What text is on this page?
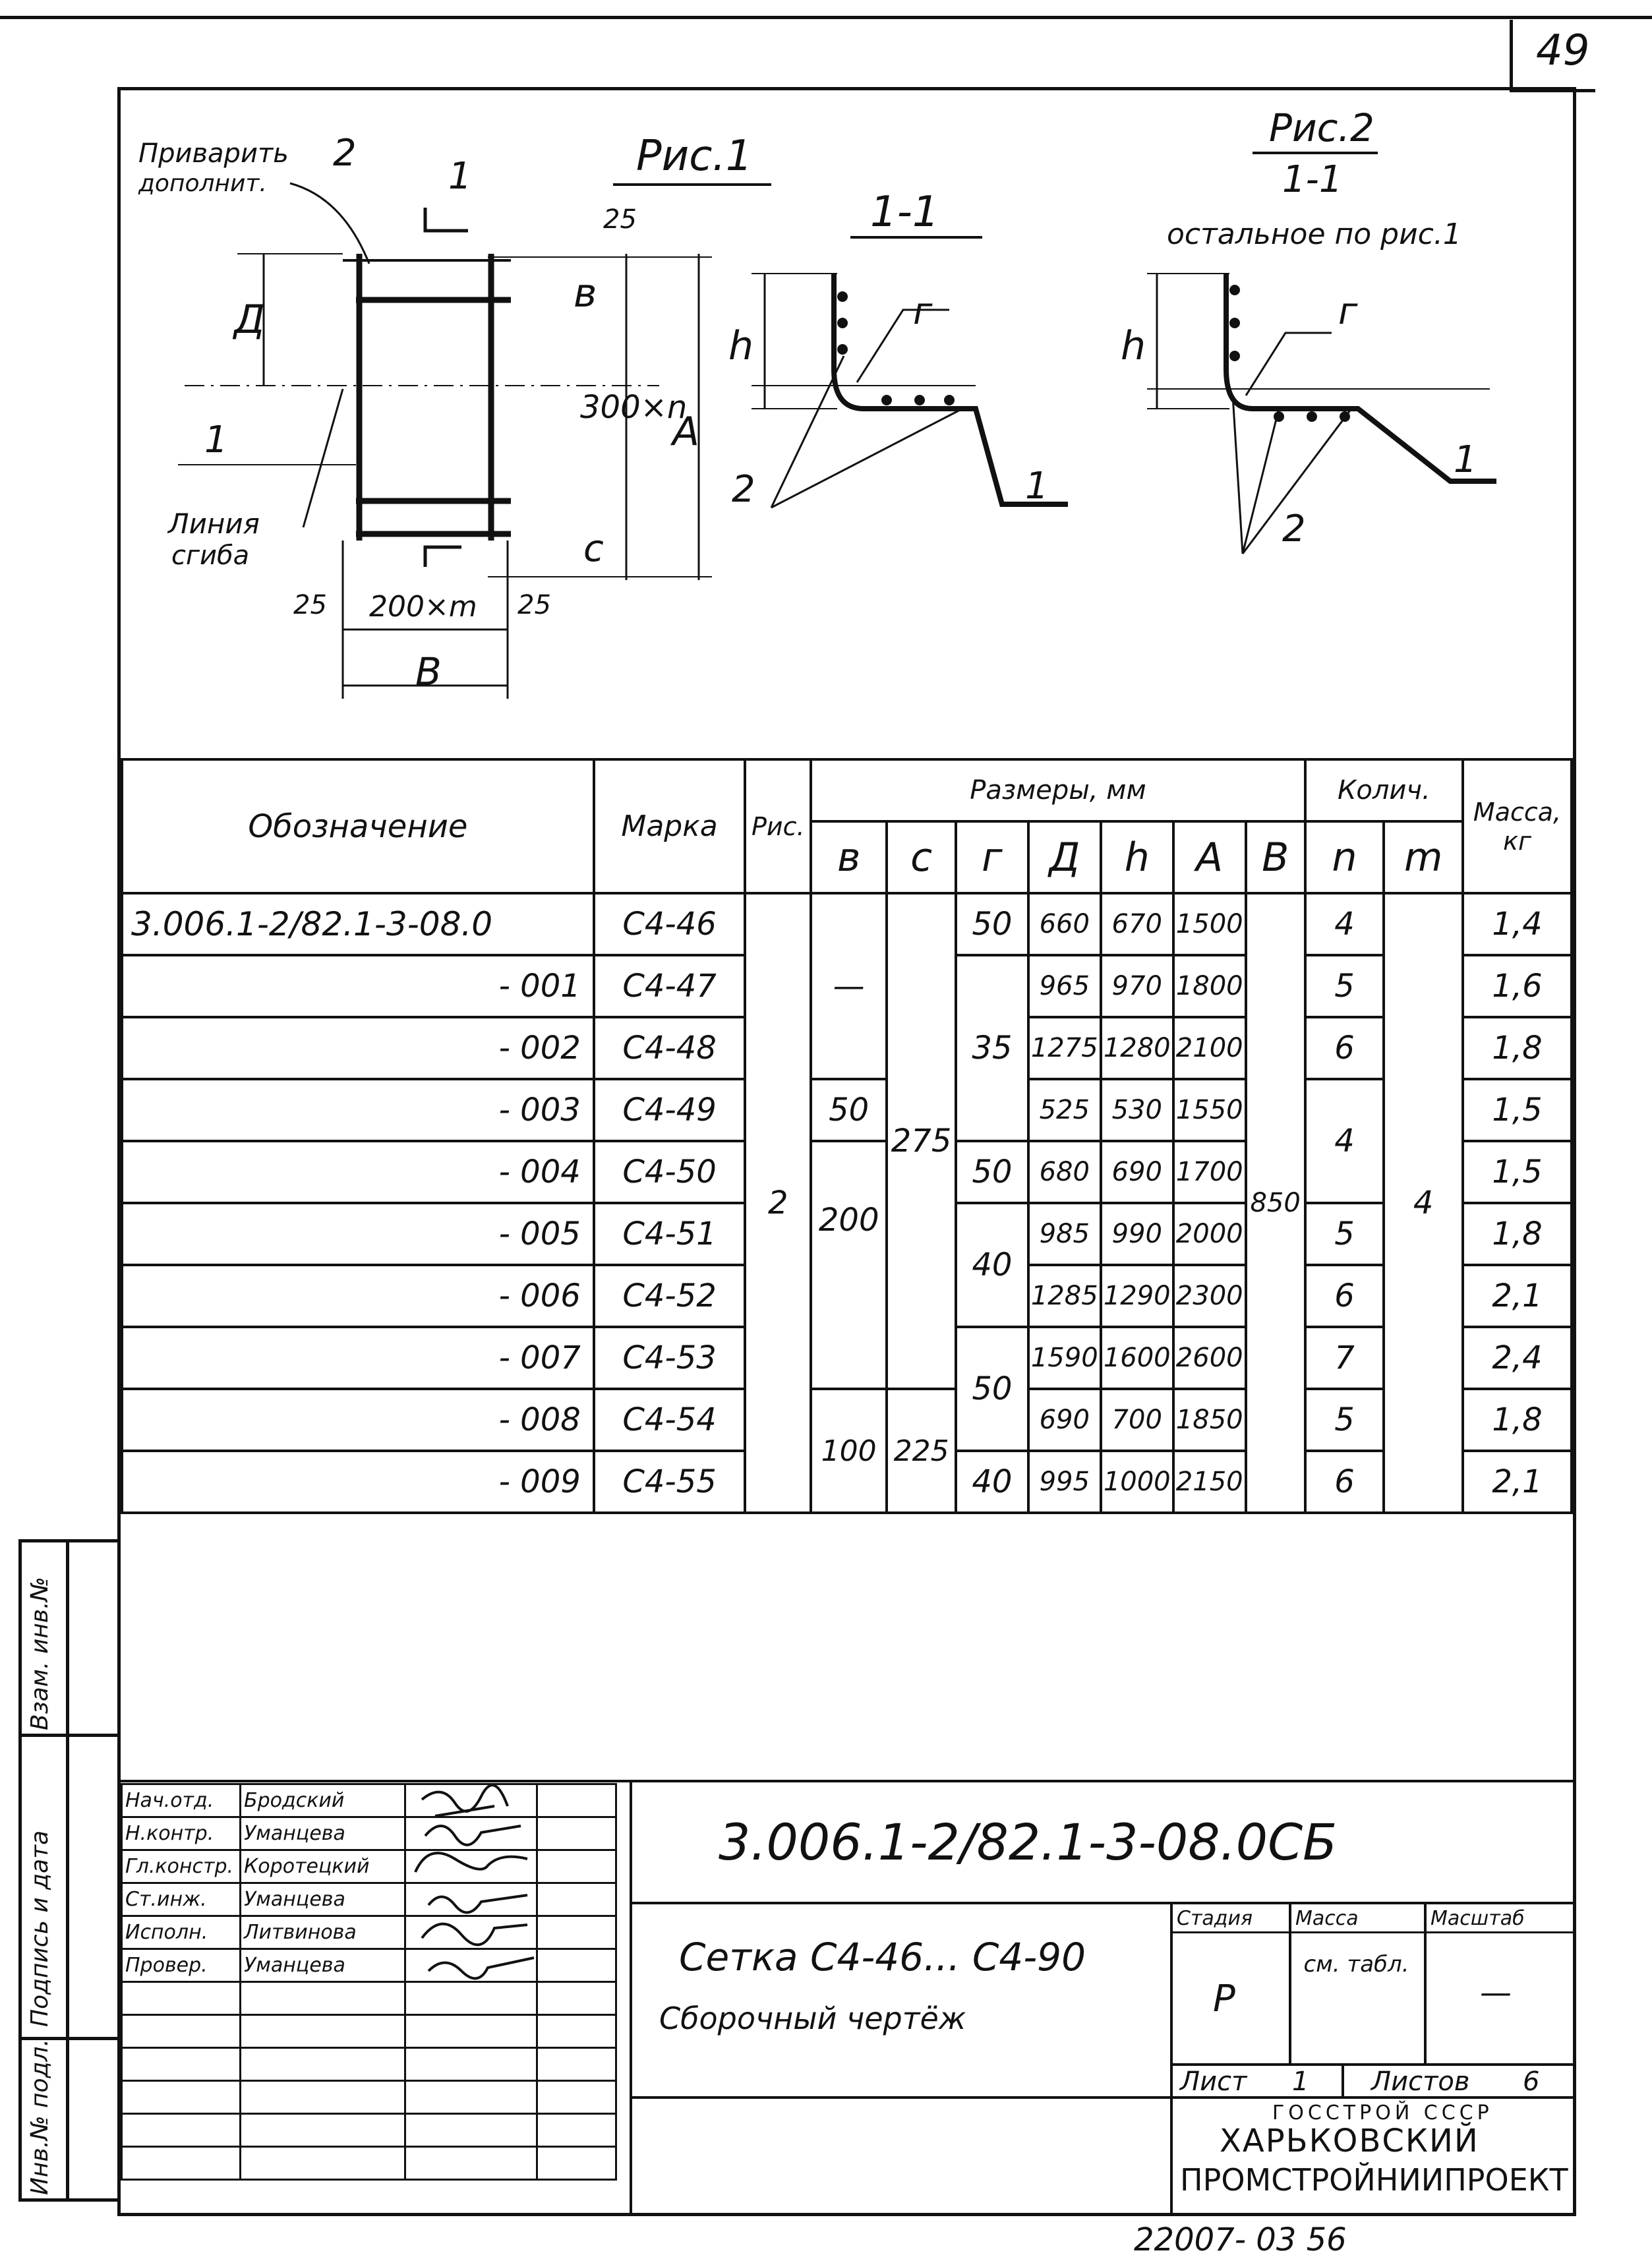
49
Взам. инв.№
Подпись и дата
Инв.№ подл.
Приварить
дополнит.
2
1	Рис.1
1-1
Рис.2
1-1
остальное по рис.1
25
в
300×n
А
Д
с
1
Линия
сгиба
25 200×m 25
В
h
г
2	1
h
г
1
2
Обозначение	Марка	Рис.	Размеры, мм							Колич.		Масса, кг
			в	с	г	Д	h	А	В	n	m	
3.006.1-2/82.1-3-08.0	С4-46	2	—	275	50	660	670	1500	850	4	4	1,4
- 001	С4-47				35	965	970	1800		5		1,6
- 002	С4-48					1275	1280	2100		6		1,8
- 003	С4-49		50			525	530	1550		4		1,5
- 004	С4-50		200		50	680	690	1700				1,5
- 005	С4-51				40	985	990	2000		5		1,8
- 006	С4-52					1285	1290	2300		6		2,1
- 007	С4-53				50	1590	1600	2600		7		2,4
- 008	С4-54		100	225		690	700	1850		5		1,8
- 009	С4-55				40	995	1000	2150		6		2,1
Нач.отд.	Бродский		
Н.контр.	Уманцева		
Гл.констр.	Коротецкий		
Ст.инж.	Уманцева		
Исполн.	Литвинова		
Провер.	Уманцева		

3.006.1-2/82.1-3-08.0СБ
Сетка С4-46... С4-90
Сборочный чертёж
Стадия Масса	Масштаб
Р
см. табл.
—
Лист 1 Листов 6
ГОССТРОЙ СССР
ХАРЬКОВСКИЙ
ПРОМСТРОЙНИИПРОЕКТ
22007- 03 56
